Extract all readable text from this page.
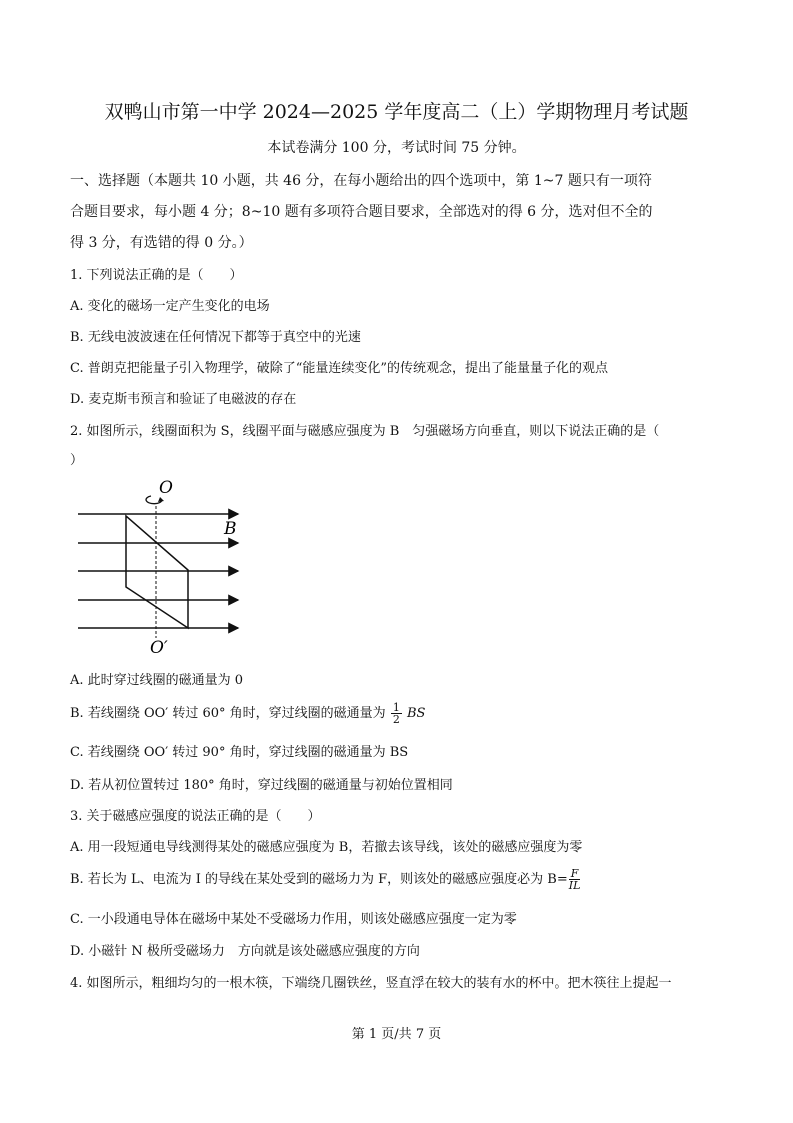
双鸭山市第一中学 2024—2025 学年度高二（上）学期物理月考试题
本试卷满分 100 分，考试时间 75 分钟。
一、选择题（本题共 10 小题，共 46 分，在每小题给出的四个选项中，第 1~7 题只有一项符
合题目要求，每小题 4 分；8~10 题有多项符合题目要求，全部选对的得 6 分，选对但不全的
得 3 分，有选错的得 0 分。）
1. 下列说法正确的是（　　）
A. 变化的磁场一定产生变化的电场
B. 无线电波波速在任何情况下都等于真空中的光速
C. 普朗克把能量子引入物理学，破除了“能量连续变化”的传统观念，提出了能量量子化的观点
D. 麦克斯韦预言和验证了电磁波的存在
2. 如图所示，线圈面积为 S，线圈平面与磁感应强度为 B　匀强磁场方向垂直，则以下说法正确的是（
）
O
O′
B
A. 此时穿过线圈的磁通量为 0
B. 若线圈绕 OO′ 转过 60° 角时，穿过线圈的磁通量为 $\frac{1}{2}$ BS
C. 若线圈绕 OO′ 转过 90° 角时，穿过线圈的磁通量为 BS
D. 若从初位置转过 180° 角时，穿过线圈的磁通量与初始位置相同
3. 关于磁感应强度的说法正确的是（　　）
A. 用一段短通电导线测得某处的磁感应强度为 B，若撤去该导线，该处的磁感应强度为零
B. 若长为 L、电流为 I 的导线在某处受到的磁场力为 F，则该处的磁感应强度必为 $B= \frac{F}{IL}$
C. 一小段通电导体在磁场中某处不受磁场力作用，则该处磁感应强度一定为零
D. 小磁针 N 极所受磁场力　方向就是该处磁感应强度的方向
4. 如图所示，粗细均匀的一根木筷，下端绕几圈铁丝，竖直浮在较大的装有水的杯中。把木筷往上提起一
第 1 页/共 7 页
